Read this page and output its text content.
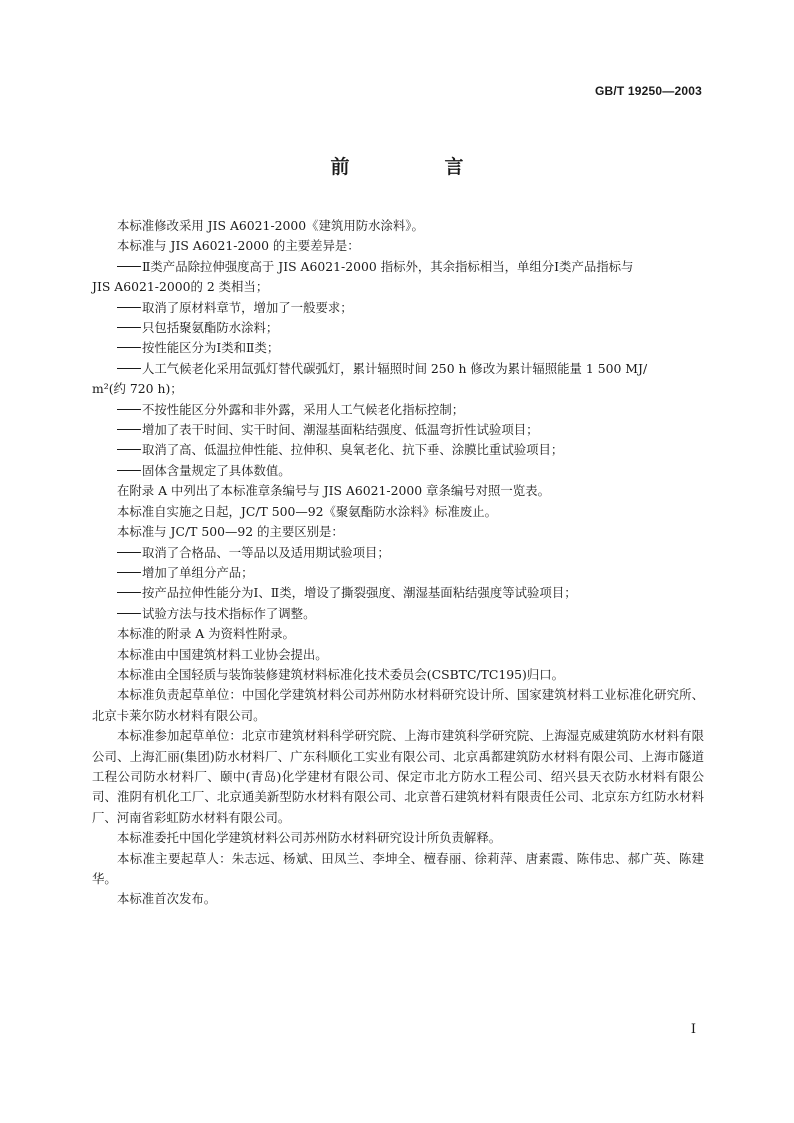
GB/T 19250—2003
前　言

本标准修改采用 JIS A6021-2000《建筑用防水涂料》。

本标准与 JIS A6021-2000 的主要差异是：

Ⅱ类产品除拉伸强度高于 JIS A6021-2000 指标外，其余指标相当，单组分Ⅰ类产品指标与
JIS A6021-2000的 2 类相当；

取消了原材料章节，增加了一般要求；

只包括聚氨酯防水涂料；

按性能区分为Ⅰ类和Ⅱ类；

人工气候老化采用氙弧灯替代碳弧灯，累计辐照时间 250 h 修改为累计辐照能量 1 500 MJ/
m²(约 720 h)；

不按性能区分外露和非外露，采用人工气候老化指标控制；

增加了表干时间、实干时间、潮湿基面粘结强度、低温弯折性试验项目；

取消了高、低温拉伸性能、拉伸积、臭氧老化、抗下垂、涂膜比重试验项目；

固体含量规定了具体数值。

在附录 A 中列出了本标准章条编号与 JIS A6021-2000 章条编号对照一览表。

本标准自实施之日起，JC/T 500—92《聚氨酯防水涂料》标准废止。

本标准与 JC/T 500—92 的主要区别是：

取消了合格品、一等品以及适用期试验项目；

增加了单组分产品；

按产品拉伸性能分为Ⅰ、Ⅱ类，增设了撕裂强度、潮湿基面粘结强度等试验项目；

试验方法与技术指标作了调整。

本标准的附录 A 为资料性附录。

本标准由中国建筑材料工业协会提出。

本标准由全国轻质与装饰装修建筑材料标准化技术委员会(CSBTC/TC195)归口。

本标准负责起草单位：中国化学建筑材料公司苏州防水材料研究设计所、国家建筑材料工业标准化研究所、北京卡莱尔防水材料有限公司。

本标准参加起草单位：北京市建筑材料科学研究院、上海市建筑科学研究院、上海湿克威建筑防水材料有限公司、上海汇丽(集团)防水材料厂、广东科顺化工实业有限公司、北京禹都建筑防水材料有限公司、上海市隧道工程公司防水材料厂、颐中(青岛)化学建材有限公司、保定市北方防水工程公司、绍兴县天衣防水材料有限公司、淮阴有机化工厂、北京通美新型防水材料有限公司、北京普石建筑材料有限责任公司、北京东方红防水材料厂、河南省彩虹防水材料有限公司。

本标准委托中国化学建筑材料公司苏州防水材料研究设计所负责解释。

本标准主要起草人：朱志远、杨斌、田凤兰、李坤全、檀春丽、徐莉萍、唐素霞、陈伟忠、郝广英、陈建华。

本标准首次发布。

I
